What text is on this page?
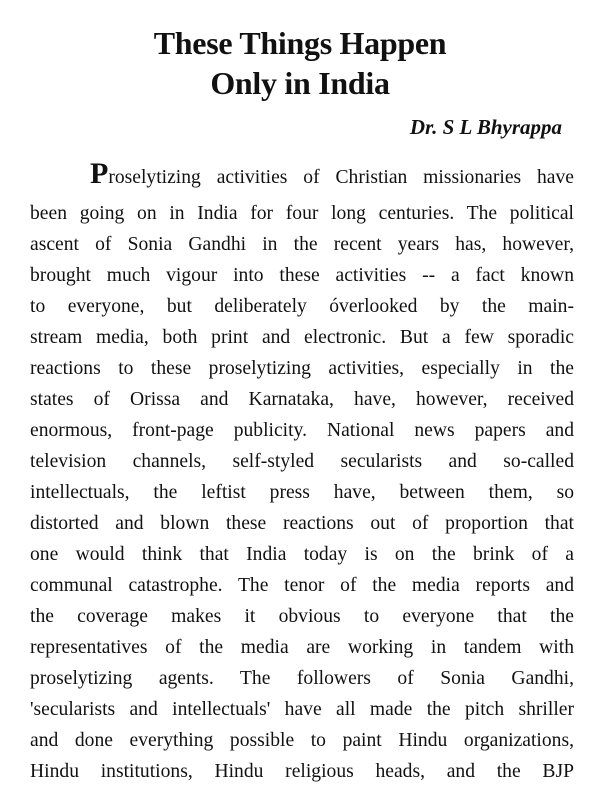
These Things Happen
Only in India
Dr. S L Bhyrappa
Proselytizing activities of Christian missionaries have
been going on in India for four long centuries. The political
ascent of Sonia Gandhi in the recent years has, however,
brought much vigour into these activities -- a fact known
to everyone, but deliberately óverlooked by the main-
stream media, both print and electronic. But a few sporadic
reactions to these proselytizing activities, especially in the
states of Orissa and Karnataka, have, however, received
enormous, front-page publicity. National news papers and
television channels, self-styled secularists and so-called
intellectuals, the leftist press have, between them, so
distorted and blown these reactions out of proportion that
one would think that India today is on the brink of a
communal catastrophe. The tenor of the media reports and
the coverage makes it obvious to everyone that the
representatives of the media are working in tandem with
proselytizing agents. The followers of Sonia Gandhi,
'secularists and intellectuals' have all made the pitch shriller
and done everything possible to paint Hindu organizations,
Hindu institutions, Hindu religious heads, and the BJP
